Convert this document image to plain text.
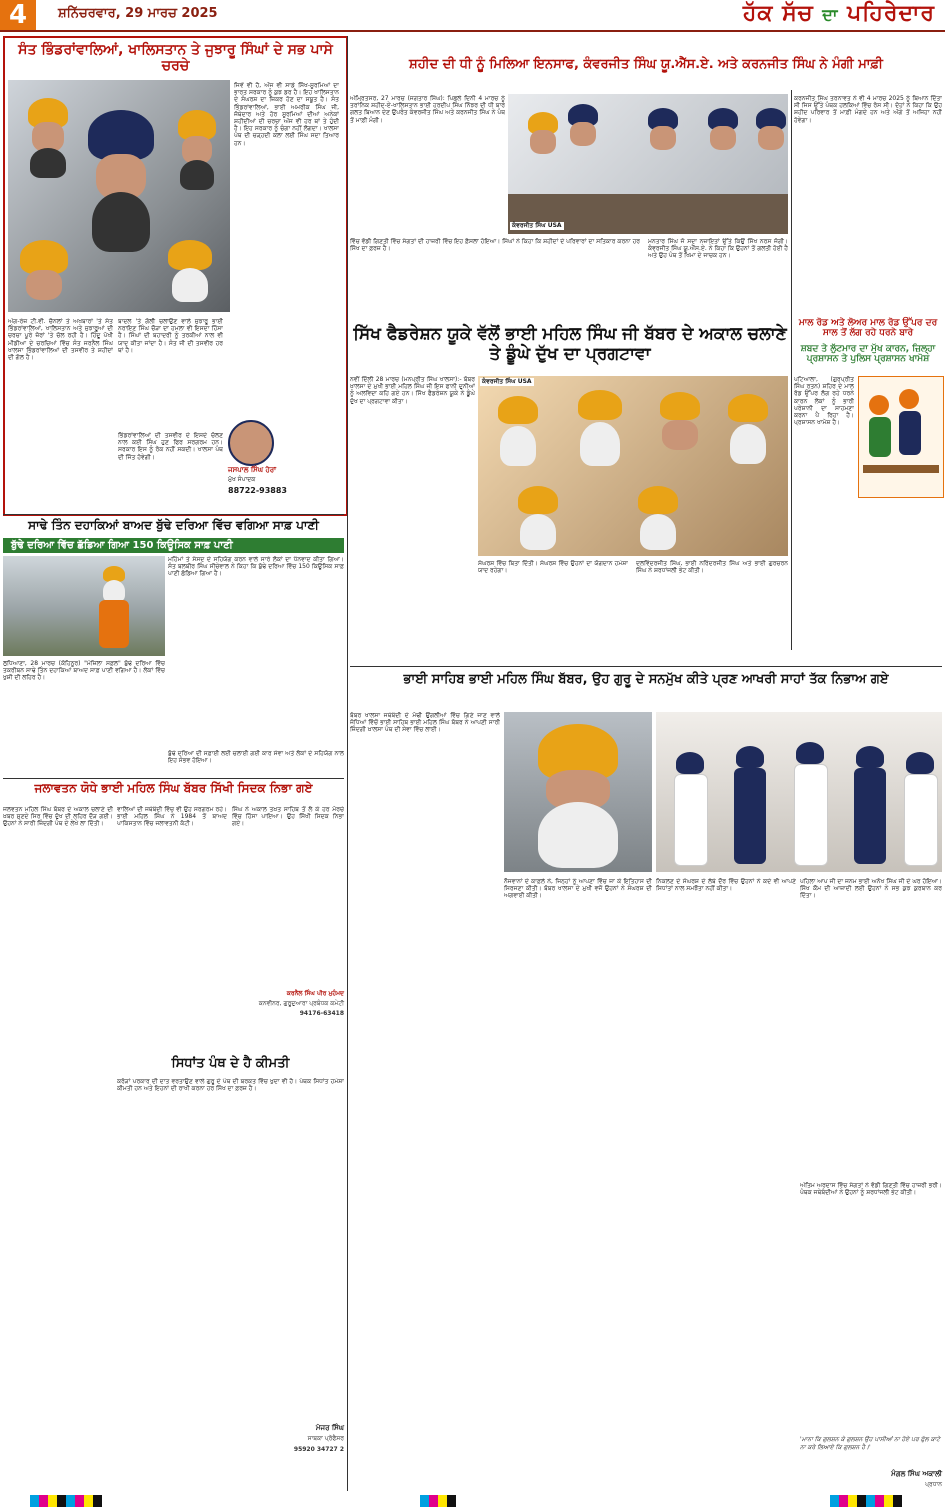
4	ਸ਼ਨਿੱਚਰਵਾਰ, 29 ਮਾਰਚ 2025	ਹੱਕ ਸੱਚ ਦਾ ਪਹਿਰੇਦਾਰ
ਸੰਤ ਭਿੰਡਰਾਂਵਾਲਿਆਂ, ਖਾਲਿਸਤਾਨ ਤੇ ਜੁਝਾਰੂ ਸਿੰਘਾਂ ਦੇ ਸਭ ਪਾਸੇ ਚਰਚੇ
ਜਿਵੇਂ ਵੀ ਹੈ, ਅੱਜ ਵੀ ਸਾਡੇ ਸਿੱਖ-ਸੂਰਮਿਆਂ ਦਾ ਭਾਰਤ ਸਰਕਾਰ ਨੂੰ ਕੁਝ ਡਰ ਹੈ। ਇਹ ਖਾਲਿਸਤਾਨ ਦੇ ਸੰਘਰਸ਼ ਦਾ ਜ਼ਿਕਰ ਹੋਣ ਦਾ ਸਬੂਤ ਹੈ। ਸੰਤ ਭਿੰਡਰਾਂਵਾਲਿਆਂ, ਭਾਈ ਅਮਰੀਕ ਸਿੰਘ ਜੀ, ਜੱਥੇਦਾਰ ਅਤੇ ਹੋਰ ਸੂਰਮਿਆਂ ਦੀਆਂ ਅਨੇਕਾਂ ਸ਼ਹੀਦੀਆਂ ਦੀ ਚਰਚਾ ਅੱਜ ਵੀ ਹਰ ਥਾਂ ਤੇ ਹੁੰਦੀ ਹੈ। ਇਹ ਸਰਕਾਰ ਨੂੰ ਚੰਗਾ ਨਹੀਂ ਲੱਗਦਾ। ਖਾਲਸਾ ਪੰਥ ਦੀ ਚੜ੍ਹਦੀ ਕਲਾ ਲਈ ਸਿੰਘ ਸਦਾ ਤਿਆਰ ਹਨ।
ਅੰਗ-ਰੇਜ਼ ਟੀ.ਵੀ. ਚੈਨਲਾਂ ਤੇ ਅਖਬਾਰਾਂ 'ਤੇ ਸੰਤ ਭਿੰਡਰਾਂਵਾਲਿਆਂ, ਖਾਲਿਸਤਾਨ ਅਤੇ ਜੁਝਾਰੂਆਂ ਦੀ ਚਰਚਾ ਪੂਰੇ ਜ਼ੋਰਾਂ 'ਤੇ ਚੱਲ ਰਹੀ ਹੈ। ਹਿੰਦੂ ਪੱਖੀ ਮੀਡੀਆ ਦੇ ਚਰਚਿਆਂ ਵਿੱਚ ਸੰਤ ਜਰਨੈਲ ਸਿੰਘ ਖਾਲਸਾ ਭਿੰਡਰਾਂਵਾਲਿਆਂ ਦੀ ਤਸਵੀਰ ਤੇ ਸ਼ਹੀਦਾਂ ਦੀ ਗੱਲ ਹੈ।
ਬਾਦਲ 'ਤੇ ਗੋਲੀ ਚਲਾਉਣ ਵਾਲੇ ਜੁਝਾਰੂ ਭਾਈ ਨਰਾਇਣ ਸਿੰਘ ਚੌੜਾ ਦਾ ਹਮਲਾ ਵੀ ਇਸਦਾ ਹਿੱਸਾ ਹੈ। ਸਿੰਘਾਂ ਦੀ ਬਹਾਦਰੀ ਨੂੰ ਤਰਕੀਆਂ ਨਾਲ ਵੀ ਯਾਦ ਕੀਤਾ ਜਾਂਦਾ ਹੈ। ਸੰਤ ਜੀ ਦੀ ਤਸਵੀਰ ਹਰ ਥਾਂ ਹੈ।
ਭਿੰਡਰਾਂਵਾਲਿਆਂ ਦੀ ਤਸਵੀਰ ਦੇ ਇਸਦੇ ਚੱਲਣ ਨਾਲ ਕਈ ਸਿੰਘ ਹੁਣ ਫਿਰ ਸਰਗਰਮ ਹਨ। ਸਰਕਾਰ ਇਸ ਨੂੰ ਰੋਕ ਨਹੀਂ ਸਕਦੀ। ਖਾਲਸਾ ਪੰਥ ਦੀ ਜਿੱਤ ਹੋਵੇਗੀ।
ਜਸਪਾਲ ਸਿੰਘ ਹੇਰਾਂ
ਮੁੱਖ ਸੰਪਾਦਕ
88722-93883
ਸ਼ਹੀਦ ਦੀ ਧੀ ਨੂੰ ਮਿਲਿਆ ਇਨਸਾਫ, ਕੰਵਰਜੀਤ ਸਿੰਘ ਯੂ.ਐੱਸ.ਏ. ਅਤੇ ਕਰਨਜੀਤ ਸਿੰਘ ਨੇ ਮੰਗੀ ਮਾਫ਼ੀ
ਅੰਮ੍ਰਿਤਸਰ, 27 ਮਾਰਚ (ਜਗਤਾਰ ਸਿੰਘ): ਪਿਛਲੇ ਦਿਨੀ 4 ਮਾਰਚ ਨੂੰ ਤਰਾਂਨਿਕ ਸ਼ਹੀਦ-ਏ-ਖਾਲਿਸਤਾਨ ਭਾਈ ਹਰਦੀਪ ਸਿੰਘ ਨਿੱਝਰ ਦੀ ਧੀ ਬਾਰੇ ਗਲਤ ਬਿਆਨ ਦੇਣ ਉਪਰੰਤ ਕੰਵਰਜੀਤ ਸਿੰਘ ਅਤੇ ਕਰਨਜੀਤ ਸਿੰਘ ਨੇ ਪੰਥ ਤੋਂ ਮਾਫ਼ੀ ਮੰਗੀ।
ਕੰਵਰਜੀਤ ਸਿੰਘ USA
ਵਿੱਚ ਵੱਡੀ ਗਿਣਤੀ ਵਿੱਚ ਸੰਗਤਾਂ ਦੀ ਹਾਜ਼ਰੀ ਵਿੱਚ ਇਹ ਫ਼ੈਸਲਾ ਹੋਇਆ। ਸਿੰਘਾਂ ਨੇ ਕਿਹਾ ਕਿ ਸ਼ਹੀਦਾਂ ਦੇ ਪਰਿਵਾਰਾਂ ਦਾ ਸਤਿਕਾਰ ਕਰਨਾ ਹਰ ਸਿੱਖ ਦਾ ਫ਼ਰਜ਼ ਹੈ।
ਮਨਤਾਰ ਸਿੰਘ ਜੋ ਸਦਾ ਨਜ਼ਾਇਤਾਂ ਉੱਤੇ ਕਿਉਂ ਸਿੱਖ ਨਰਸ ਜੋਗੀ। ਕੰਵਰਜੀਤ ਸਿੰਘ ਯੂ.ਐੱਸ.ਏ. ਨੇ ਕਿਹਾ ਕਿ ਉਹਨਾਂ ਤੋਂ ਗਲਤੀ ਹੋਈ ਹੈ ਅਤੇ ਉਹ ਪੰਥ ਤੋਂ ਖਿਮਾ ਦੇ ਜਾਚਕ ਹਨ।
ਕਰਨਜੀਤ ਸਿੰਘ ਤਰਨਾਵਤ ਨੇ ਵੀ 4 ਮਾਰਚ 2025 ਨੂੰ ਬਿਆਨ ਦਿੱਤਾ ਸੀ ਜਿਸ ਉੱਤੇ ਪੰਥਕ ਹਲਕਿਆਂ ਵਿੱਚ ਰੋਸ ਸੀ। ਦੋਹਾਂ ਨੇ ਕਿਹਾ ਕਿ ਉਹ ਸ਼ਹੀਦ ਪਰਿਵਾਰ ਤੋਂ ਮਾਫ਼ੀ ਮੰਗਦੇ ਹਨ ਅਤੇ ਅੱਗੇ ਤੋਂ ਅਜਿਹਾ ਨਹੀਂ ਹੋਵੇਗਾ।
ਸਿੱਖ ਫੈਡਰੇਸ਼ਨ ਯੂਕੇ ਵੱਲੋਂ ਭਾਈ ਮਹਿਲ ਸਿੰਘ ਜੀ ਬੱਬਰ ਦੇ ਅਕਾਲ ਚਲਾਣੇ ਤੇ ਡੂੰਘੇ ਦੁੱਖ ਦਾ ਪ੍ਰਗਟਾਵਾ
ਨਵੀਂ ਦਿੱਲੀ 28 ਮਾਰਚ (ਮਨਪ੍ਰੀਤ ਸਿੰਘ ਖਾਲਸਾ):- ਬੱਬਰ ਖ਼ਾਲਸਾ ਦੇ ਮੁਖੀ ਭਾਈ ਮਹਿਲ ਸਿੰਘ ਜੀ ਇਸ ਫਾਨੀ ਦੁਨੀਆਂ ਨੂੰ ਅਲਵਿਦਾ ਕਹਿ ਗਏ ਹਨ। ਸਿੱਖ ਫੈਡਰੇਸ਼ਨ ਯੂਕੇ ਨੇ ਡੂੰਘੇ ਦੁੱਖ ਦਾ ਪ੍ਰਗਟਾਵਾ ਕੀਤਾ।
ਕੰਵਰਜੀਤ ਸਿੰਘ USA
ਸੰਘਰਸ਼ ਵਿੱਚ ਬਿਤਾ ਦਿੱਤੀ। ਸੰਘਰਸ਼ ਵਿੱਚ ਉਹਨਾਂ ਦਾ ਯੋਗਦਾਨ ਹਮੇਸ਼ਾ ਯਾਦ ਰਹੇਗਾ।
ਦਲਵਿੰਦਰਜੀਤ ਸਿੰਘ, ਭਾਈ ਨਰਿੰਦਰਜੀਤ ਸਿੰਘ ਅਤੇ ਭਾਈ ਗੁਰਚਰਨ ਸਿੰਘ ਨੇ ਸ਼ਰਧਾਂਜਲੀ ਭੇਟ ਕੀਤੀ।
ਮਾਲ ਰੋਡ ਅਤੇ ਲੋਅਰ ਮਾਲ ਰੋਡ ਉੱਪਰ ਦਰ ਸਾਲ ਤੋਂ ਲੱਗ ਰਹੇ ਧਰਨੇ ਬਾਰੇ
ਸ਼ਬਦ ਤੇ ਲੁੱਟਮਾਰ ਦਾ ਮੁੱਖ ਕਾਰਨ, ਜ਼ਿਲ੍ਹਾ ਪ੍ਰਸ਼ਾਸਨ ਤੇ ਪੁਲਿਸ ਪ੍ਰਸ਼ਾਸਨ ਖਾਮੋਸ਼
ਪਟਿਆਲਾ, (ਗੁਰਪ੍ਰੀਤ ਸਿੰਘ ਰਤਨ) ਸ਼ਹਿਰ ਦੇ ਮਾਲ ਰੋਡ ਉੱਪਰ ਲੱਗ ਰਹੇ ਧਰਨੇ ਕਾਰਨ ਲੋਕਾਂ ਨੂੰ ਭਾਰੀ ਪਰੇਸ਼ਾਨੀ ਦਾ ਸਾਹਮਣਾ ਕਰਨਾ ਪੈ ਰਿਹਾ ਹੈ। ਪ੍ਰਸ਼ਾਸਨ ਖਾਮੋਸ਼ ਹੈ।
ਸਾਢੇ ਤਿੰਨ ਦਹਾਕਿਆਂ ਬਾਅਦ ਬੁੱਢੇ ਦਰਿਆ ਵਿੱਚ ਵਗਿਆ ਸਾਫ਼ ਪਾਣੀ
ਬੁੱਢੇ ਦਰਿਆ ਵਿੱਚ ਛੱਡਿਆ ਗਿਆ 150 ਕਿਊਸਿਕ ਸਾਫ਼ ਪਾਣੀ
ਮਹਿੰਮਾਂ ਤੇ ਸੰਸਦ ਦੇ ਸਹਿਯੋਗ ਕਰਨ ਵਾਲੇ ਸਾਰੇ ਲੋਕਾਂ ਦਾ ਧੰਨਵਾਦ ਕੀਤਾ ਗਿਆ। ਸੰਤ ਬਲਬੀਰ ਸਿੰਘ ਸੀਚੇਵਾਲ ਨੇ ਕਿਹਾ ਕਿ ਬੁੱਢੇ ਦਰਿਆ ਵਿੱਚ 150 ਕਿਊਸਿਕ ਸਾਫ਼ ਪਾਣੀ ਛੱਡਿਆ ਗਿਆ ਹੈ।
ਲੁਧਿਆਣਾ, 28 ਮਾਰਚ (ਕੋਹਿਨੂਰ) "ਮੰਜ਼ਿਲਾ ਸਫ਼ਲ" ਬੁੱਢੇ ਦਰਿਆ ਵਿੱਚ ਤਕਰੀਬਨ ਸਾਢੇ ਤਿੰਨ ਦਹਾਕਿਆਂ ਬਾਅਦ ਸਾਫ਼ ਪਾਣੀ ਵਗਿਆ ਹੈ। ਲੋਕਾਂ ਵਿੱਚ ਖੁਸ਼ੀ ਦੀ ਲਹਿਰ ਹੈ।
ਬੁੱਢੇ ਦਰਿਆ ਦੀ ਸਫ਼ਾਈ ਲਈ ਚਲਾਈ ਗਈ ਕਾਰ ਸੇਵਾ ਅਤੇ ਲੋਕਾਂ ਦੇ ਸਹਿਯੋਗ ਨਾਲ ਇਹ ਸੰਭਵ ਹੋਇਆ।
ਜਲਾਵਤਨ ਯੋਧੇ ਭਾਈ ਮਹਿਲ ਸਿੰਘ ਬੱਬਰ ਸਿੱਖੀ ਸਿਦਕ ਨਿਭਾ ਗਏ
ਜਲਵਤਨ ਮਹਿਲ ਸਿੰਘ ਬੱਬਰ ਦੇ ਅਕਾਲ ਚਲਾਣੇ ਦੀ ਖ਼ਬਰ ਸੁਣਦੇ ਸਿਰ ਵਿੱਚ ਦੁੱਖ ਦੀ ਲਹਿਰ ਦੌੜ ਗਈ। ਉਹਨਾਂ ਨੇ ਸਾਰੀ ਜ਼ਿੰਦਗੀ ਪੰਥ ਦੇ ਲੇਖੇ ਲਾ ਦਿੱਤੀ।
ਵਾਲਿਆਂ ਦੀ ਜਥੇਬੰਦੀ ਵਿੱਚ ਵੀ ਉਹ ਸਰਗਰਮ ਰਹੇ। ਭਾਈ ਮਹਿਲ ਸਿੰਘ ਨੇ 1984 ਤੋਂ ਬਾਅਦ ਪਾਕਿਸਤਾਨ ਵਿੱਚ ਜਲਾਵਤਨੀ ਕੱਟੀ।
ਸਿੰਘ ਨੇ ਅਕਾਲ ਤਖ਼ਤ ਸਾਹਿਬ ਤੋਂ ਲੈ ਕੇ ਹਰ ਮੋਰਚੇ ਵਿੱਚ ਹਿੱਸਾ ਪਾਇਆ। ਉਹ ਸਿੱਖੀ ਸਿਦਕ ਨਿਭਾ ਗਏ।
ਕਰਨੈਲ ਸਿੰਘ ਪੀਰ ਮੁਹੰਮਦ
ਕਨਵੀਨਰ, ਗੁਰੂਦੁਆਰਾ ਪ੍ਰਬੰਧਕ ਕਮੇਟੀ
94176-63418
ਸਿਧਾਂਤ ਪੰਥ ਦੇ ਹੈ ਕੀਮਤੀ
ਕਰੋੜਾਂ ਪਰਕਾਰ ਦੀ ਦਾਤ ਵਰਤਾਉਣ ਵਾਲੇ ਗੁਰੂ ਦੇ ਪੰਥ ਦੀ ਬਰਕਤ ਵਿੱਚ ਖੁਦਾ ਵੀ ਹੈ। ਪੰਥਕ ਸਿਧਾਂਤ ਹਮੇਸ਼ਾ ਕੀਮਤੀ ਹਨ ਅਤੇ ਇਹਨਾਂ ਦੀ ਰਾਖੀ ਕਰਨਾ ਹਰ ਸਿੱਖ ਦਾ ਫ਼ਰਜ਼ ਹੈ।
ਮੇਜਰ ਸਿੰਘ
ਸਾਬਕਾ ਪ੍ਰੋਫੈਸਰ
95920 34727 2
ਭਾਈ ਸਾਹਿਬ ਭਾਈ ਮਹਿਲ ਸਿੰਘ ਬੱਬਰ, ਉਹ ਗੁਰੂ ਦੇ ਸਨਮੁੱਖ ਕੀਤੇ ਪ੍ਰਣ ਆਖਰੀ ਸਾਹਾਂ ਤੱਕ ਨਿਭਾਅ ਗਏ
ਬੱਬਰ ਖਾਲਸਾ ਜਥੇਬੰਦੀ ਦੇ ਮੋਢੀ ਉਂਗਲੀਆਂ ਵਿੱਚ ਗਿਣੇ ਜਾਣ ਵਾਲੇ ਜੋਧਿਆਂ ਵਿੱਚੋਂ ਭਾਈ ਸਾਹਿਬ ਭਾਈ ਮਹਿਲ ਸਿੰਘ ਬੱਬਰ ਨੇ ਆਪਣੀ ਸਾਰੀ ਜ਼ਿੰਦਗੀ ਖ਼ਾਲਸਾ ਪੰਥ ਦੀ ਸੇਵਾ ਵਿੱਚ ਲਾਈ।
ਨੌਜਵਾਨਾਂ ਦੇ ਕਾਫ਼ਲੇ ਨੇ, ਜਿਨ੍ਹਾਂ ਨੂੰ ਆਪਣਾ ਵਿੱਚ ਜਾ ਕੇ ਇਤਿਹਾਸ ਦੀ ਸਿਰਜਣਾ ਕੀਤੀ। ਬੱਬਰ ਖਾਲਸਾ ਦੇ ਮੁਖੀ ਵਜੋਂ ਉਹਨਾਂ ਨੇ ਸੰਘਰਸ਼ ਦੀ ਅਗਵਾਈ ਕੀਤੀ।
ਨਿਕਲਣ ਦੇ ਸੰਘਰਸ਼ ਦੇ ਲੰਬੇ ਦੌਰ ਵਿੱਚ ਉਹਨਾਂ ਨੇ ਕਦੇ ਵੀ ਆਪਣੇ ਸਿਧਾਂਤਾਂ ਨਾਲ ਸਮਝੌਤਾ ਨਹੀਂ ਕੀਤਾ।
ਪਹਿਲਾ ਆਪ ਜੀ ਦਾ ਜਨਮ ਭਾਈ ਅਨੋਖ ਸਿੰਘ ਜੀ ਦੇ ਘਰ ਹੋਇਆ। ਸਿੱਖ ਕੌਮ ਦੀ ਆਜ਼ਾਦੀ ਲਈ ਉਹਨਾਂ ਨੇ ਸਭ ਕੁਝ ਕੁਰਬਾਨ ਕਰ ਦਿੱਤਾ।
ਅੰਤਿਮ ਅਰਦਾਸ ਵਿੱਚ ਸੰਗਤਾਂ ਨੇ ਵੱਡੀ ਗਿਣਤੀ ਵਿੱਚ ਹਾਜ਼ਰੀ ਭਰੀ। ਪੰਥਕ ਜਥੇਬੰਦੀਆਂ ਨੇ ਉਹਨਾਂ ਨੂੰ ਸ਼ਰਧਾਂਜਲੀ ਭੇਟ ਕੀਤੀ।
'ਮਾਨਾ ਕਿ ਗੁਲਸ਼ਨ ਕੇ ਗੁਲਸ਼ਨ ਉਹ ਪਾਸੀਆਂ ਨਾ ਹੋਏ ਪਰ ਫੁੱਲ ਕਾਟੇ ਨਾ ਕਰੇ ਲਿਆਏ ਕਿ ਗੁਲਸ਼ਨ ਹੈ।'
ਮੰਗਲ ਸਿੰਘ ਅਕਾਲੀ
ਪ੍ਰਧਾਨ
